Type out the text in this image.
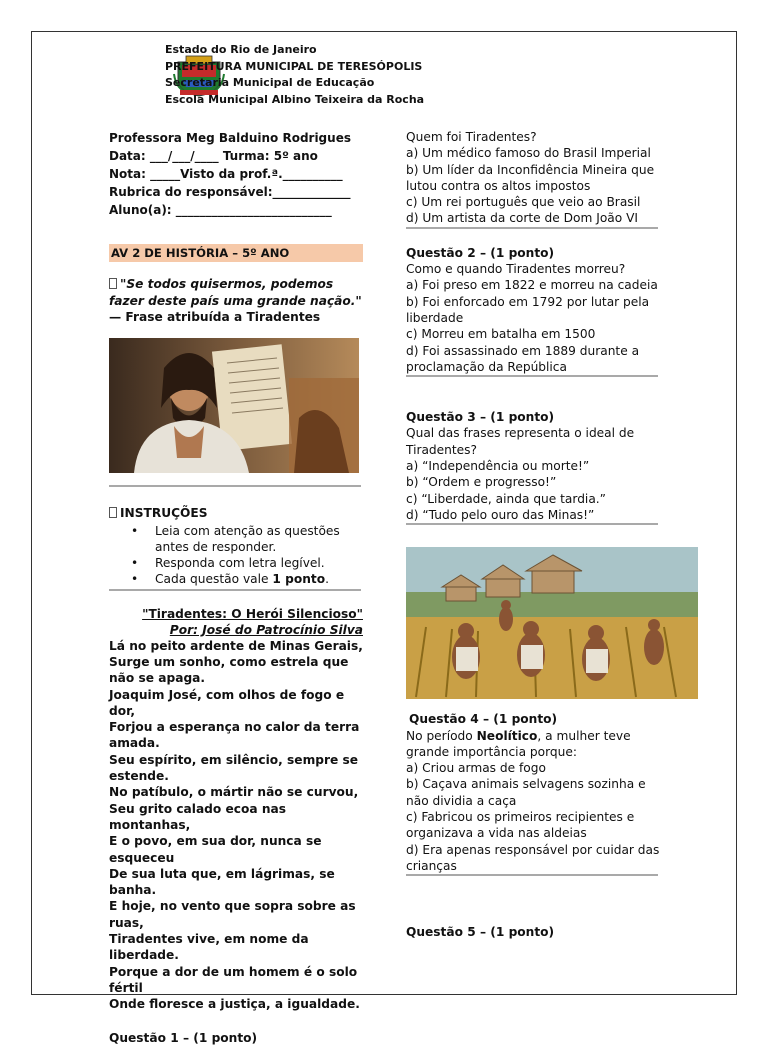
Estado do Rio de Janeiro
PREFEITURA MUNICIPAL DE TERESÓPOLIS
Secretaria Municipal de Educação
Escola Municipal Albino Teixeira da Rocha
Professora Meg Balduino Rodrigues
Data: ___/___/____ Turma: 5º ano
Nota: _____Visto da prof.ª.__________
Rubrica do responsável:_____________
Aluno(a): __________________________
AV 2 DE HISTÓRIA – 5º ANO
"Se todos quisermos, podemos fazer deste país uma grande nação."
— Frase atribuída a Tiradentes
INSTRUÇÕES
• Leia com atenção as questões antes de responder.
• Responda com letra legível.
• Cada questão vale 1 ponto.
"Tiradentes: O Herói Silencioso"
Por: José do Patrocínio Silva
Lá no peito ardente de Minas Gerais,
Surge um sonho, como estrela que não se apaga.
Joaquim José, com olhos de fogo e dor,
Forjou a esperança no calor da terra amada.
Seu espírito, em silêncio, sempre se estende.
No patíbulo, o mártir não se curvou,
Seu grito calado ecoa nas montanhas,
E o povo, em sua dor, nunca se esqueceu
De sua luta que, em lágrimas, se banha.
E hoje, no vento que sopra sobre as ruas,
Tiradentes vive, em nome da liberdade.
Porque a dor de um homem é o solo fértil
Onde floresce a justiça, a igualdade.
Questão 1 – (1 ponto)
Quem foi Tiradentes?
a) Um médico famoso do Brasil Imperial
b) Um líder da Inconfidência Mineira que lutou contra os altos impostos
c) Um rei português que veio ao Brasil
d) Um artista da corte de Dom João VI
Questão 2 – (1 ponto)
Como e quando Tiradentes morreu?
a) Foi preso em 1822 e morreu na cadeia
b) Foi enforcado em 1792 por lutar pela liberdade
c) Morreu em batalha em 1500
d) Foi assassinado em 1889 durante a proclamação da República
Questão 3 – (1 ponto)
Qual das frases representa o ideal de Tiradentes?
a) “Independência ou morte!”
b) “Ordem e progresso!”
c) “Liberdade, ainda que tardia.”
d) “Tudo pelo ouro das Minas!”
Questão 4 – (1 ponto)
No período Neolítico, a mulher teve grande importância porque:
a) Criou armas de fogo
b) Caçava animais selvagens sozinha e não dividia a caça
c) Fabricou os primeiros recipientes e organizava a vida nas aldeias
d) Era apenas responsável por cuidar das crianças
Questão 5 – (1 ponto)
